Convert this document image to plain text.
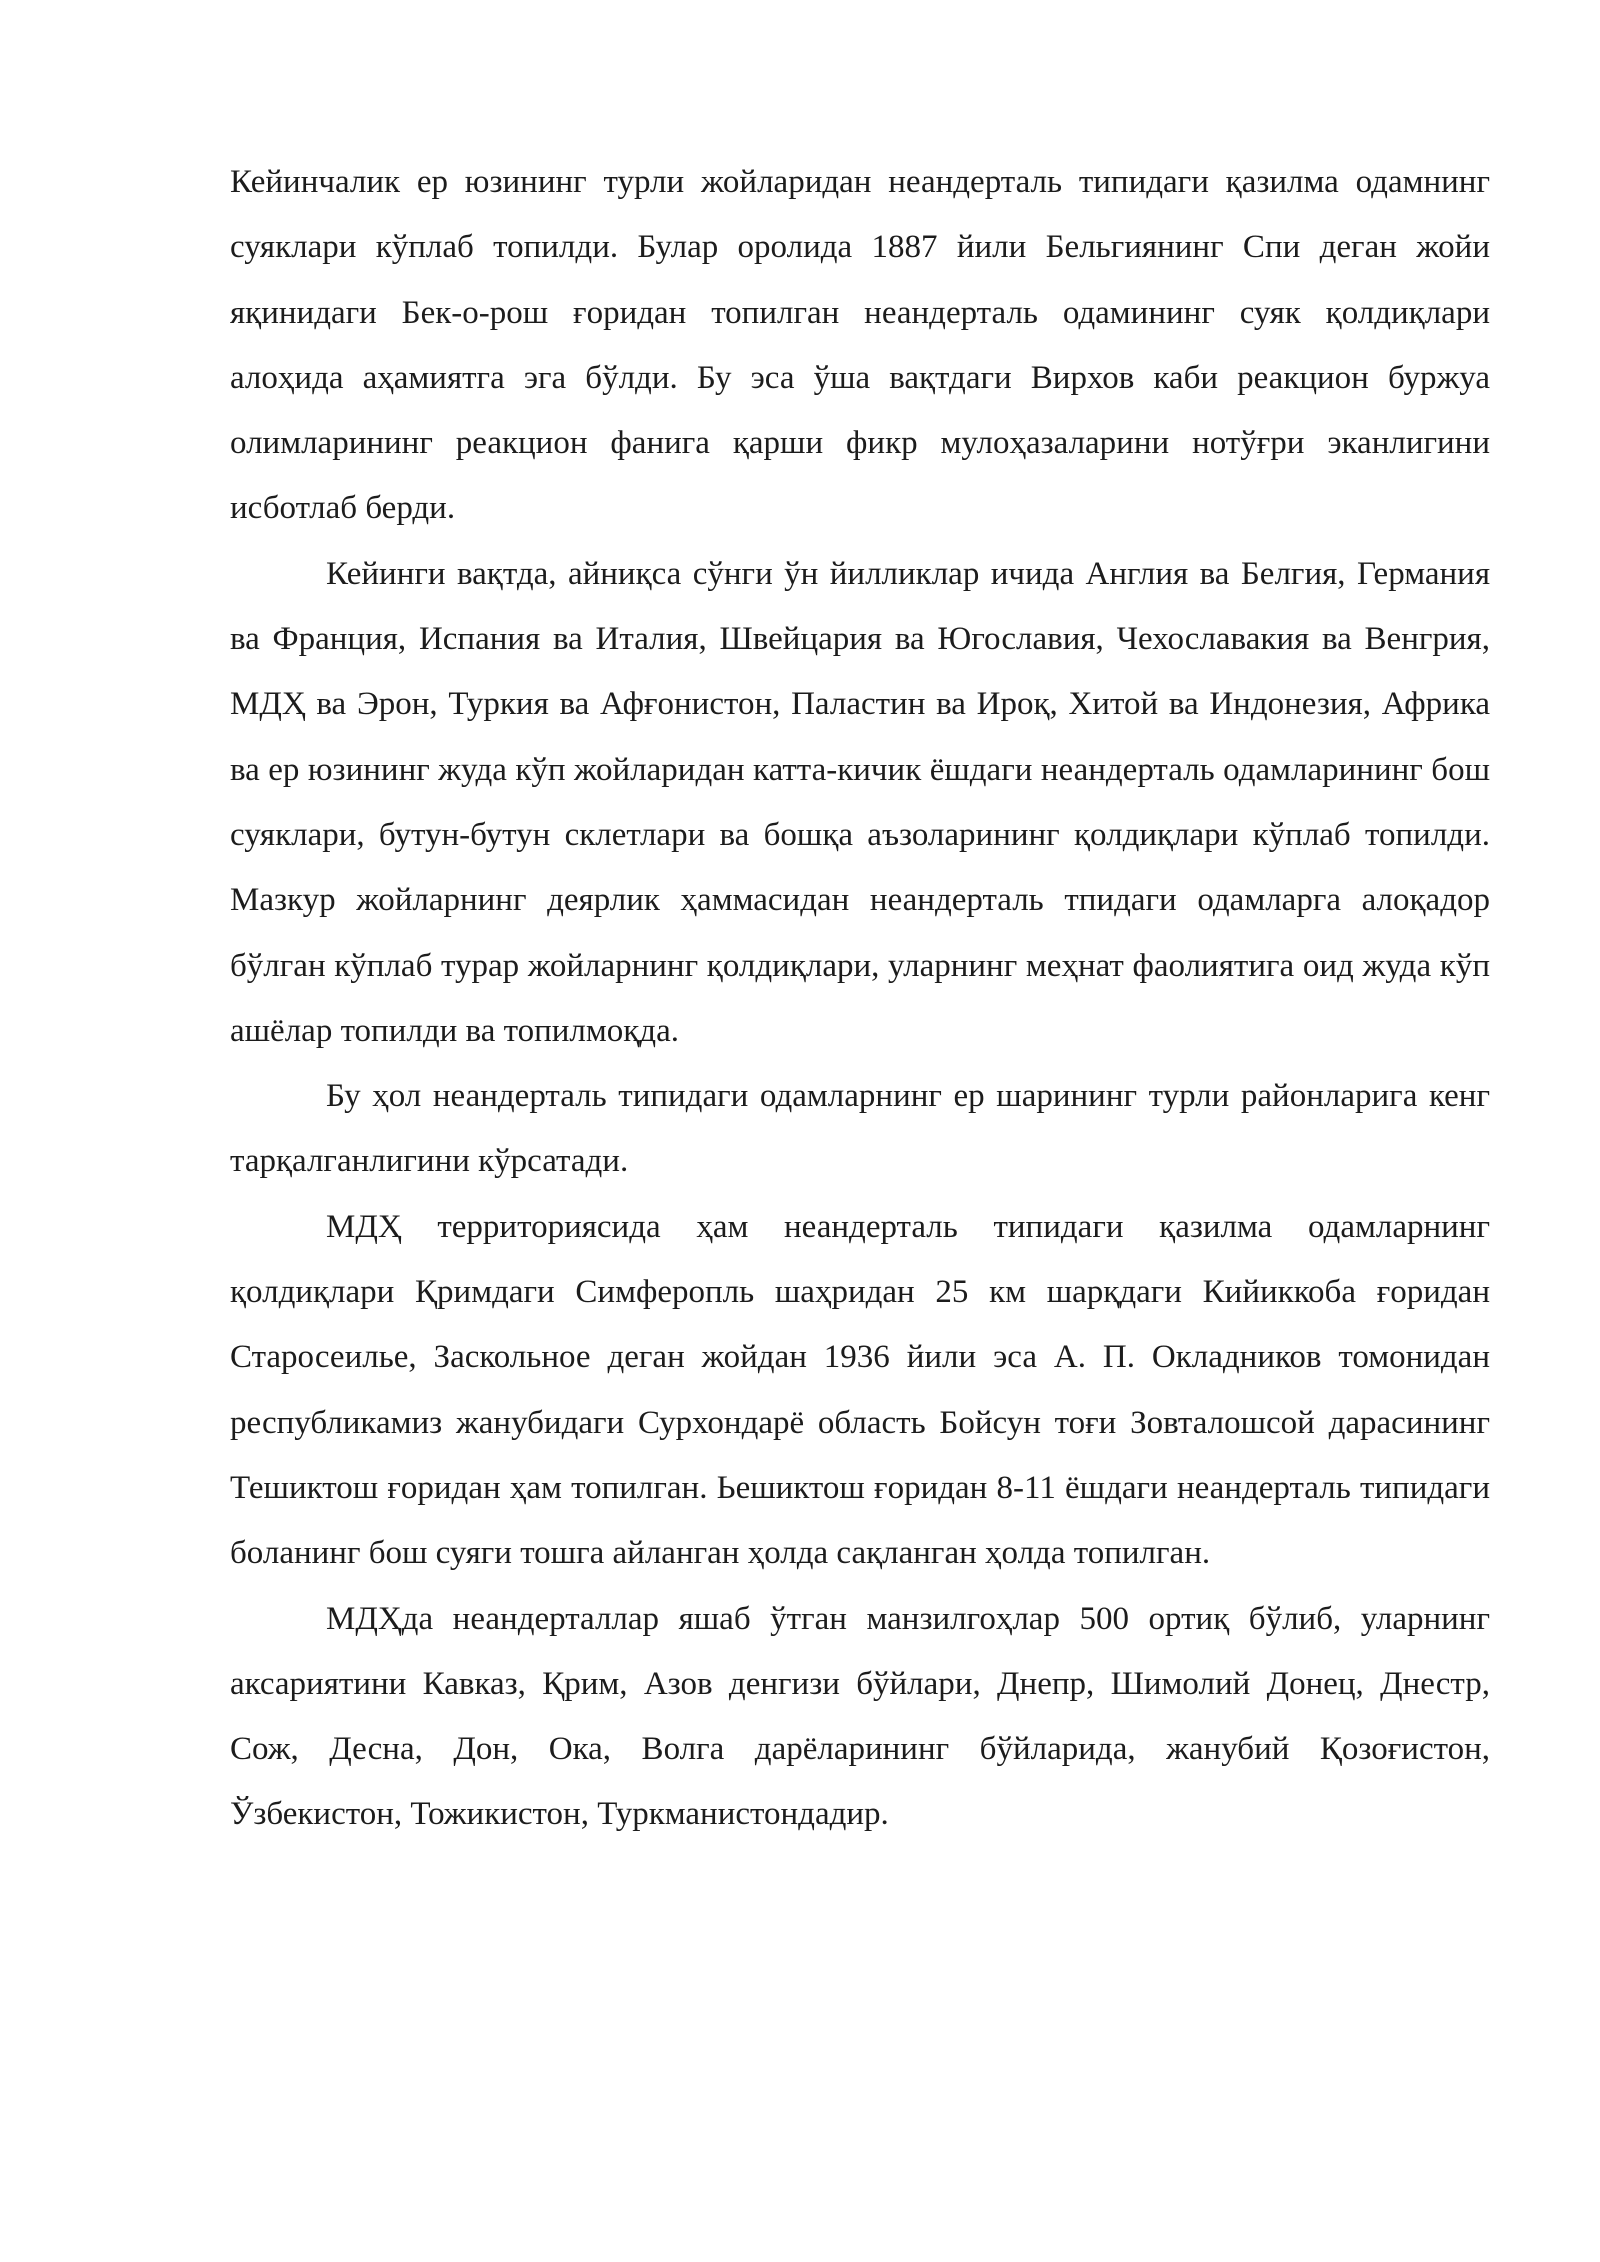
Кейинчалик ер юзининг турли жойларидан неандерталь типидаги қазилма одамнинг суяклари кўплаб топилди. Булар оролида 1887 йили Бельгиянинг Спи деган жойи яқинидаги Бек-о-рош ғоридан топилган неандерталь одамининг суяк қолдиқлари алоҳида аҳамиятга эга бўлди. Бу эса ўша вақтдаги Вирхов каби реакцион буржуа олимларининг реакцион фанига қарши фикр мулоҳазаларини нотўғри эканлигини исботлаб берди.

Кейинги вақтда, айниқса сўнги ўн йилликлар ичида Англия ва Белгия, Германия ва Франция, Испания ва Италия, Швейцария ва Югославия, Чехославакия ва Венгрия, МДҲ ва Эрон, Туркия ва Афғонистон, Паластин ва Ироқ, Хитой ва Индонезия, Африка ва ер юзининг жуда кўп жойларидан катта-кичик ёшдаги неандерталь одамларининг бош суяклари, бутун-бутун склетлари ва бошқа аъзоларининг қолдиқлари кўплаб топилди. Мазкур жойларнинг деярлик ҳаммасидан неандерталь тпидаги одамларга алоқадор бўлган кўплаб турар жойларнинг қолдиқлари, уларнинг меҳнат фаолиятига оид жуда кўп ашёлар топилди ва топилмоқда.

Бу ҳол неандерталь типидаги одамларнинг ер шарининг турли районларига кенг тарқалганлигини кўрсатади.

МДҲ территориясида ҳам неандерталь типидаги қазилма одамларнинг қолдиқлари Қримдаги Симферопль шаҳридан 25 км шарқдаги Кийиккоба ғоридан Старосеилье, Заскольное деган жойдан 1936 йили эса А. П. Окладников томонидан республикамиз жанубидаги Сурхондарё область Бойсун тоғи Зовталошсой дарасининг Тешиктош ғоридан ҳам топилган. Ьешиктош ғоридан 8-11 ёшдаги неандерталь типидаги боланинг бош суяги тошга айланган ҳолда сақланган ҳолда топилган.

МДҲда неандерталлар яшаб ўтган манзилгоҳлар 500 ортиқ бўлиб, уларнинг аксариятини Кавказ, Қрим, Азов денгизи бўйлари, Днепр, Шимолий Донец, Днестр, Сож, Десна, Дон, Ока, Волга дарёларининг бўйларида, жанубий Қозоғистон, Ўзбекистон, Тожикистон, Туркманистондадир.
